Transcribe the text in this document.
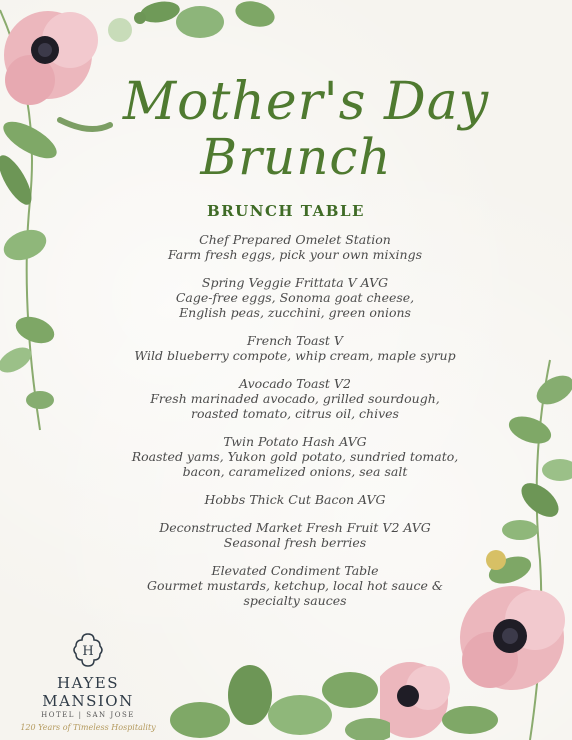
Mother's Day
Brunch
BRUNCH TABLE
Chef Prepared Omelet Station
Farm fresh eggs, pick your own mixings
Spring Veggie Frittata V AVG
Cage-free eggs, Sonoma goat cheese,
English peas, zucchini, green onions
French Toast V
Wild blueberry compote, whip cream, maple syrup
Avocado Toast V2
Fresh marinaded avocado, grilled sourdough,
roasted tomato, citrus oil, chives
Twin Potato Hash AVG
Roasted yams, Yukon gold potato, sundried tomato,
bacon, caramelized onions, sea salt
Hobbs Thick Cut Bacon AVG
Deconstructed Market Fresh Fruit V2 AVG
Seasonal fresh berries
Elevated Condiment Table
Gourmet mustards, ketchup, local hot sauce &
specialty sauces
H
HAYES MANSION
HOTEL | SAN JOSE
120 Years of Timeless Hospitality
